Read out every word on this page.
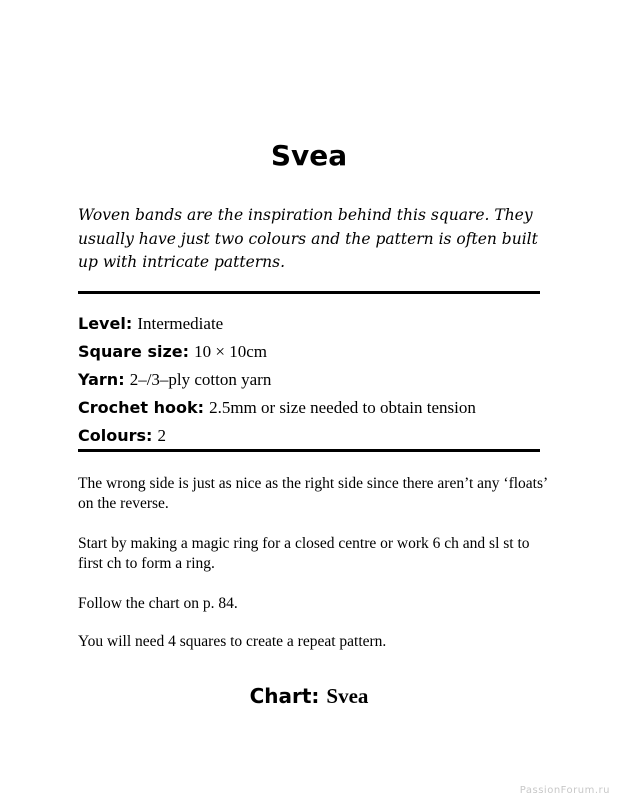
Svea

Woven bands are the inspiration behind this square. They usually have just two colours and the pattern is often built up with intricate patterns.

Level: Intermediate
Square size: 10 × 10cm
Yarn: 2–/3–ply cotton yarn
Crochet hook: 2.5mm or size needed to obtain tension
Colours: 2

The wrong side is just as nice as the right side since there aren’t any ‘floats’ on the reverse.

Start by making a magic ring for a closed centre or work 6 ch and sl st to first ch to form a ring.

Follow the chart on p. 84.

You will need 4 squares to create a repeat pattern.

Chart: Svea

PassionForum.ru
